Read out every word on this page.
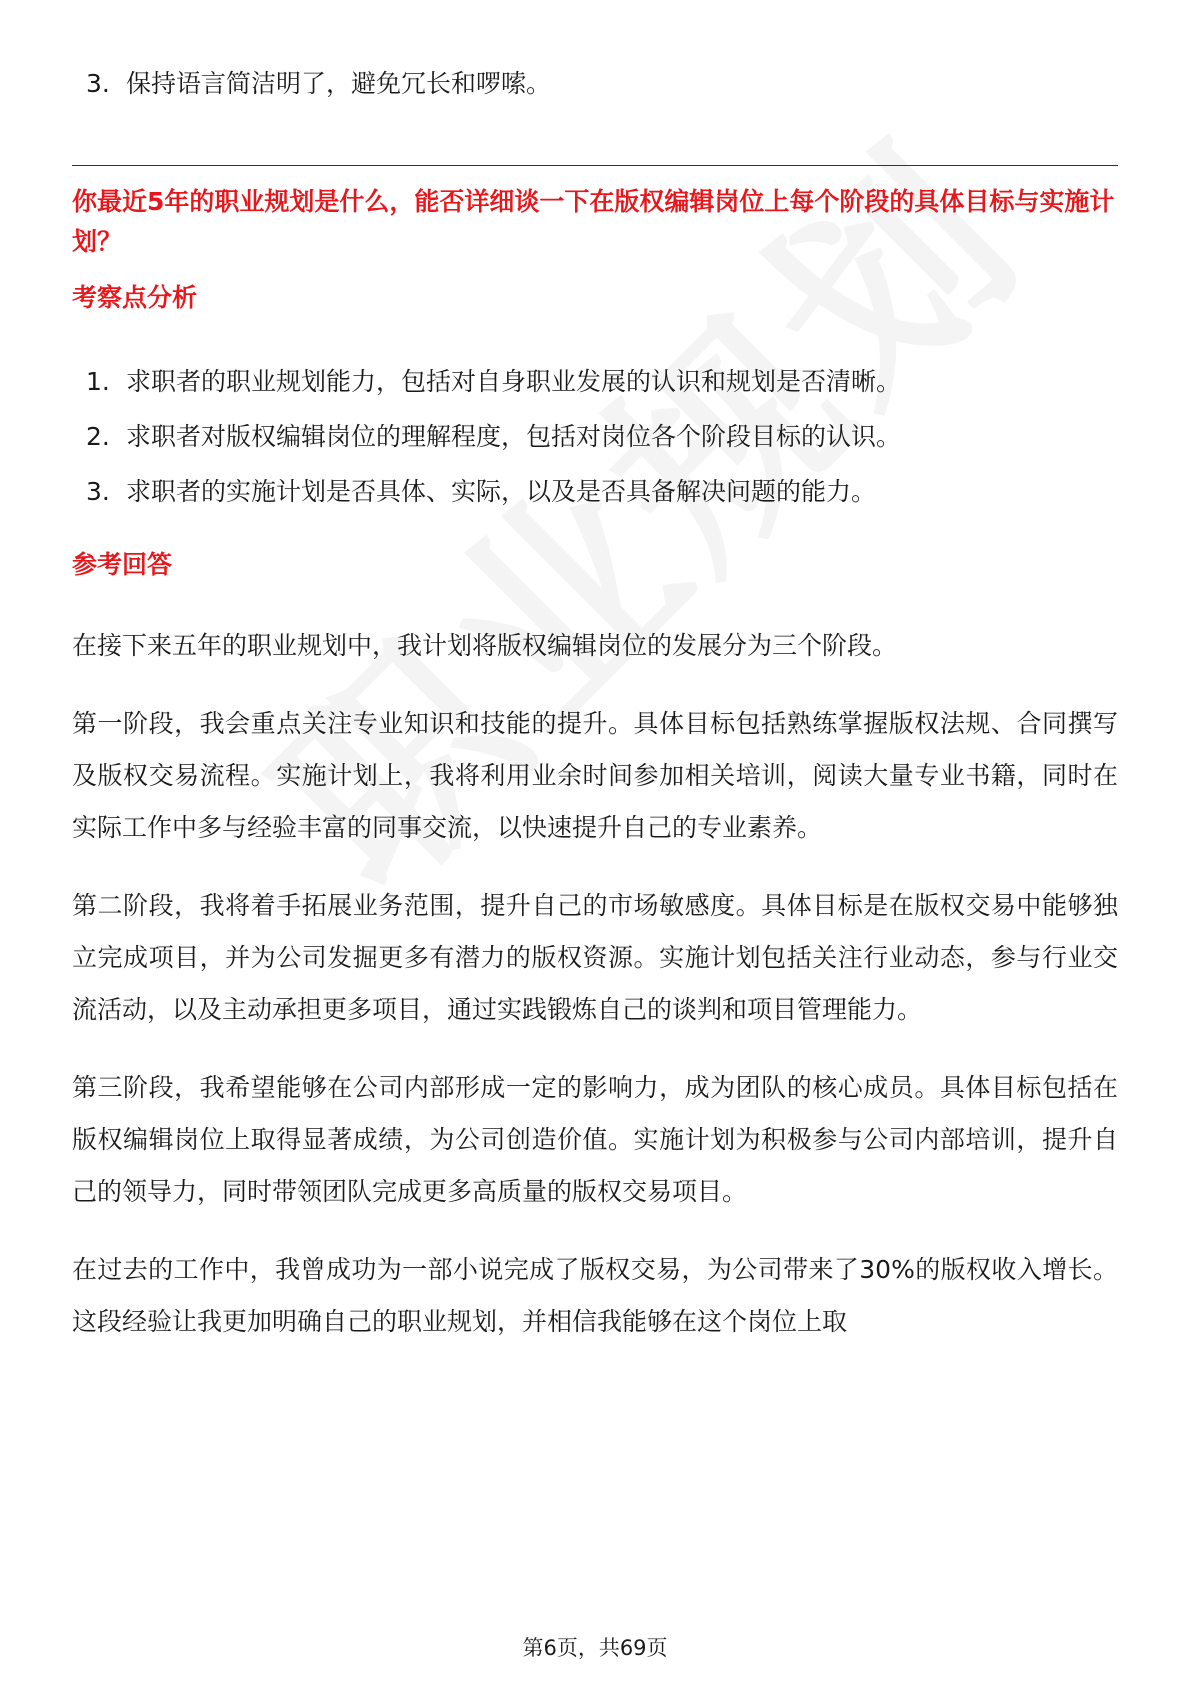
3. 保持语言简洁明了，避免冗长和啰嗦。
你最近5年的职业规划是什么，能否详细谈一下在版权编辑岗位上每个阶段的具体目标与实施计划？
考察点分析
1. 求职者的职业规划能力，包括对自身职业发展的认识和规划是否清晰。
2. 求职者对版权编辑岗位的理解程度，包括对岗位各个阶段目标的认识。
3. 求职者的实施计划是否具体、实际，以及是否具备解决问题的能力。
参考回答

在接下来五年的职业规划中，我计划将版权编辑岗位的发展分为三个阶段。

第一阶段，我会重点关注专业知识和技能的提升。具体目标包括熟练掌握版权法规、合同撰写及版权交易流程。实施计划上，我将利用业余时间参加相关培训，阅读大量专业书籍，同时在实际工作中多与经验丰富的同事交流，以快速提升自己的专业素养。

第二阶段，我将着手拓展业务范围，提升自己的市场敏感度。具体目标是在版权交易中能够独立完成项目，并为公司发掘更多有潜力的版权资源。实施计划包括关注行业动态，参与行业交流活动，以及主动承担更多项目，通过实践锻炼自己的谈判和项目管理能力。

第三阶段，我希望能够在公司内部形成一定的影响力，成为团队的核心成员。具体目标包括在版权编辑岗位上取得显著成绩，为公司创造价值。实施计划为积极参与公司内部培训，提升自己的领导力，同时带领团队完成更多高质量的版权交易项目。

在过去的工作中，我曾成功为一部小说完成了版权交易，为公司带来了30%的版权收入增长。这段经验让我更加明确自己的职业规划，并相信我能够在这个岗位上取

第6页，共69页
